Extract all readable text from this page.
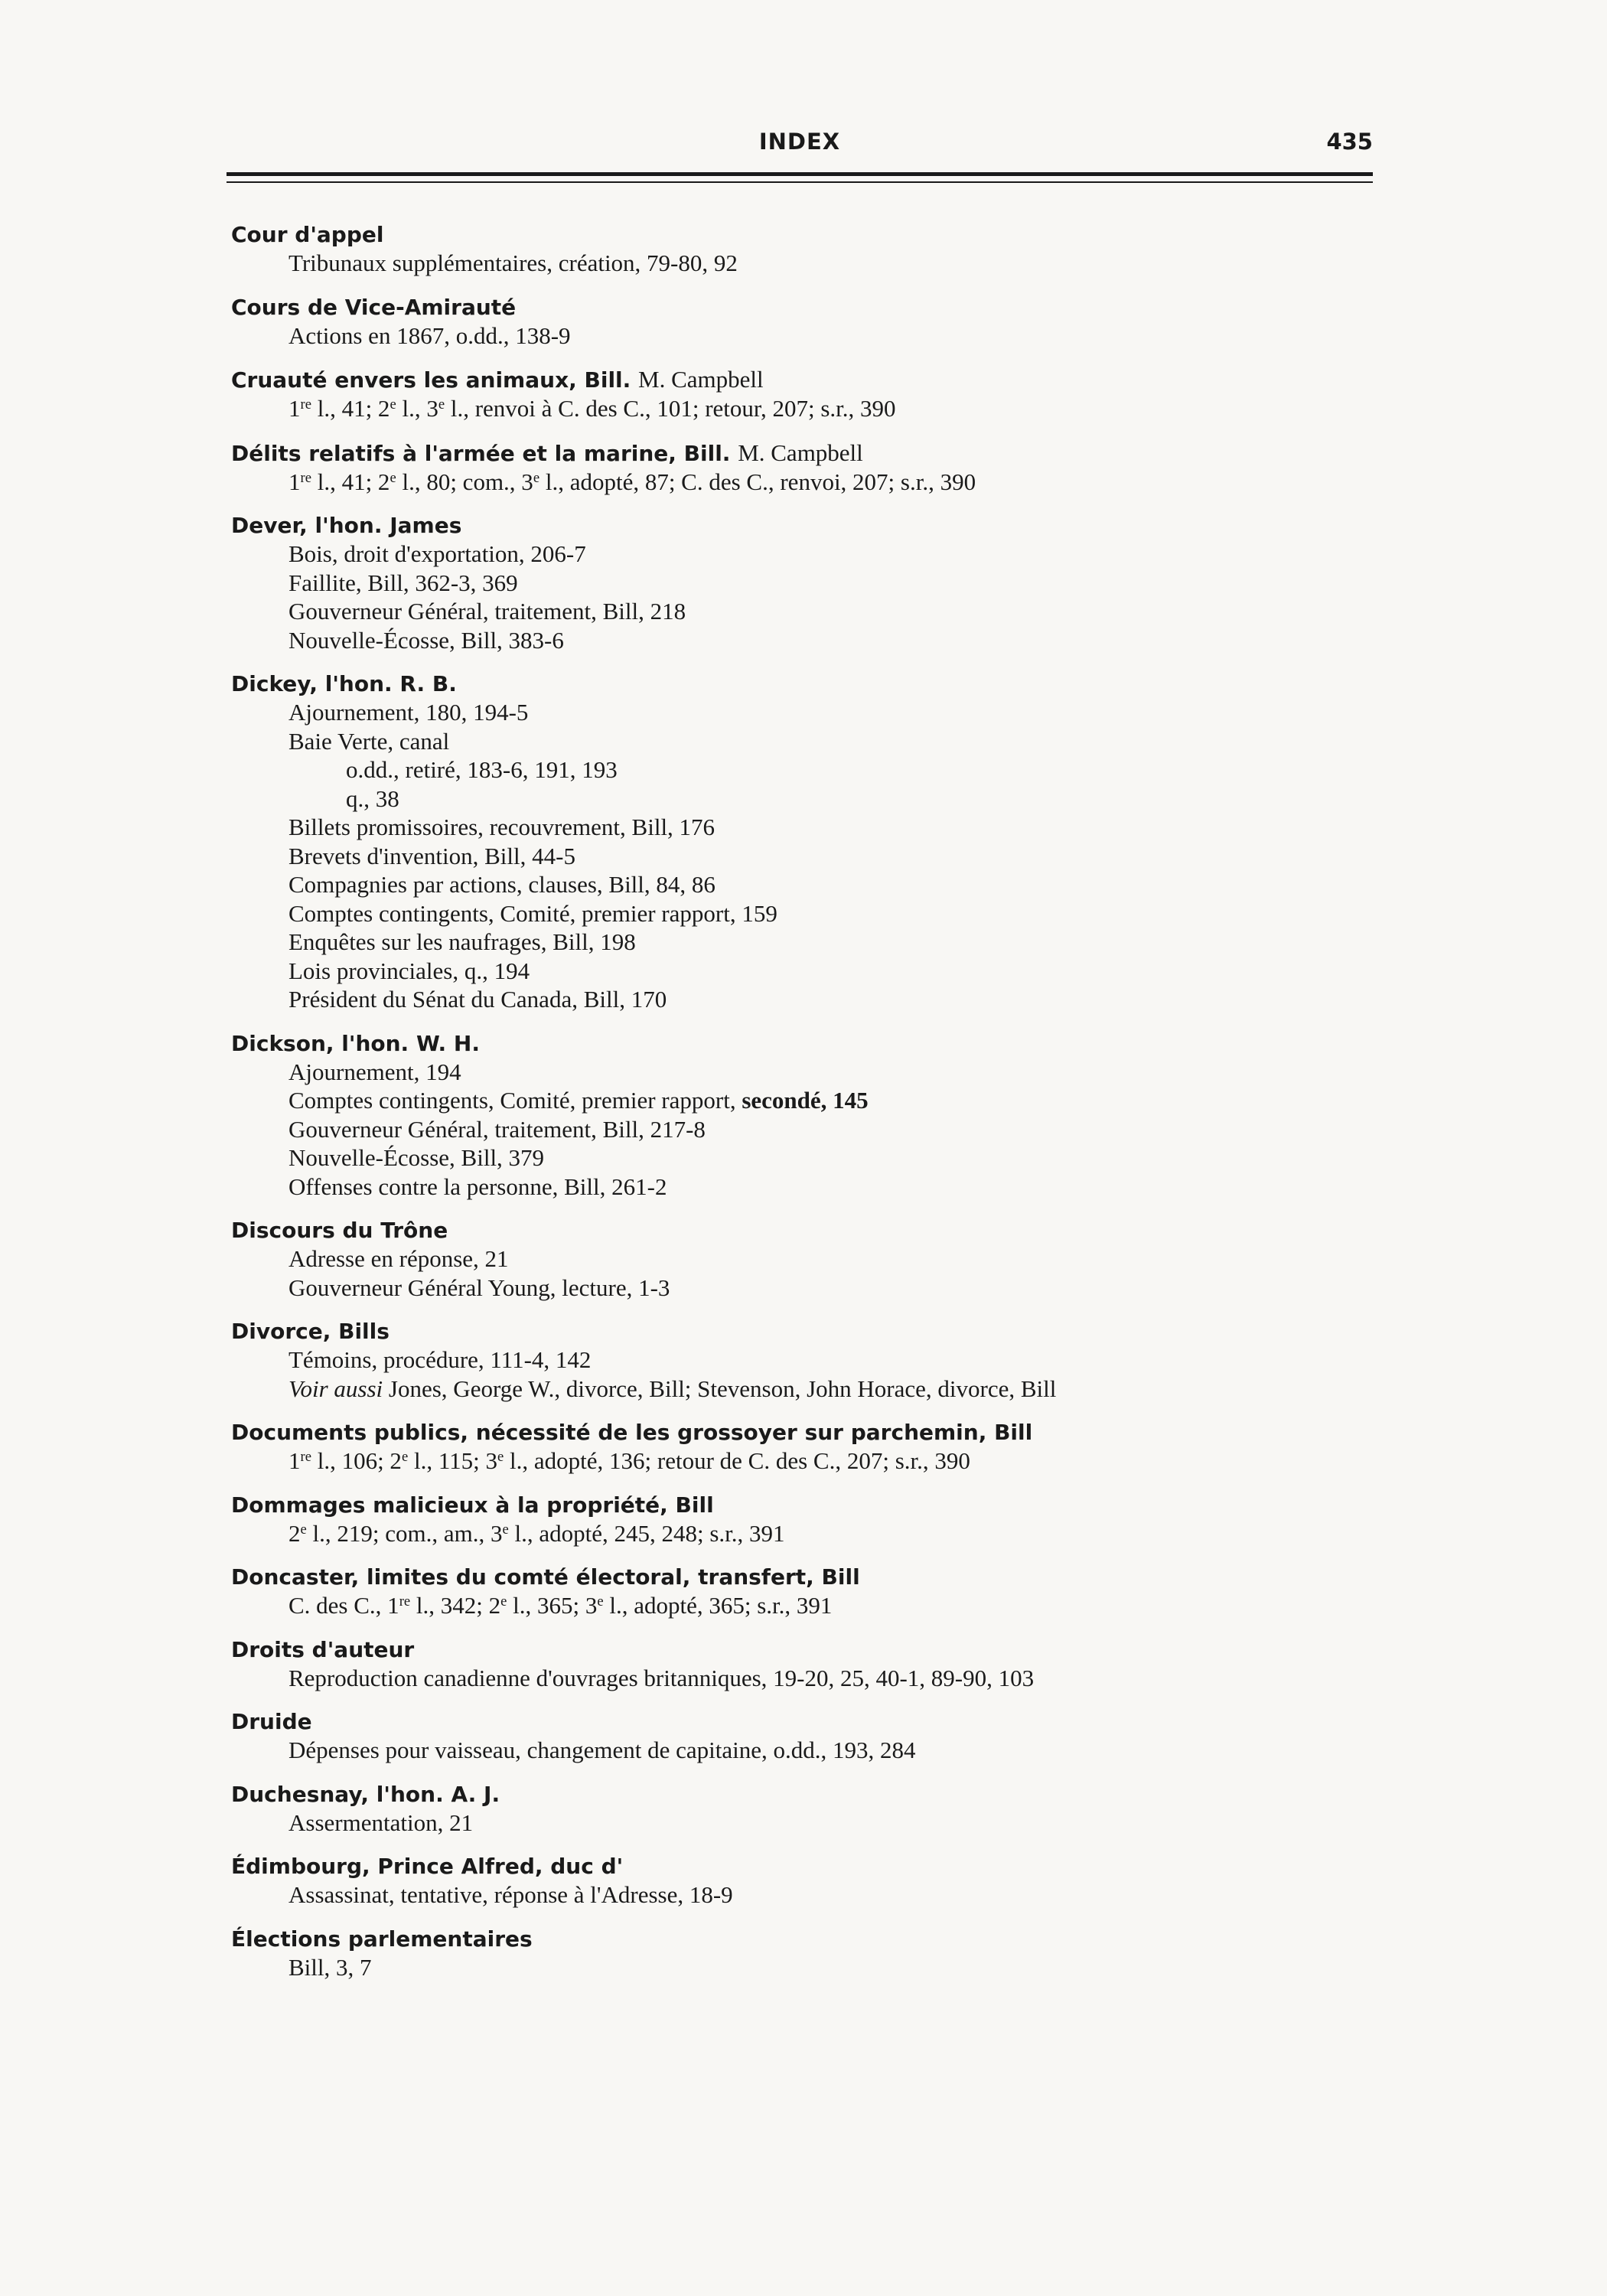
INDEX	435
Cour d'appel
Tribunaux supplémentaires, création, 79-80, 92
Cours de Vice-Amirauté
Actions en 1867, o.dd., 138-9
Cruauté envers les animaux, Bill. M. Campbell
1re l., 41; 2e l., 3e l., renvoi à C. des C., 101; retour, 207; s.r., 390
Délits relatifs à l'armée et la marine, Bill. M. Campbell
1re l., 41; 2e l., 80; com., 3e l., adopté, 87; C. des C., renvoi, 207; s.r., 390
Dever, l'hon. James
Bois, droit d'exportation, 206-7
Faillite, Bill, 362-3, 369
Gouverneur Général, traitement, Bill, 218
Nouvelle-Écosse, Bill, 383-6
Dickey, l'hon. R. B.
Ajournement, 180, 194-5
Baie Verte, canal
o.dd., retiré, 183-6, 191, 193
q., 38
Billets promissoires, recouvrement, Bill, 176
Brevets d'invention, Bill, 44-5
Compagnies par actions, clauses, Bill, 84, 86
Comptes contingents, Comité, premier rapport, 159
Enquêtes sur les naufrages, Bill, 198
Lois provinciales, q., 194
Président du Sénat du Canada, Bill, 170
Dickson, l'hon. W. H.
Ajournement, 194
Comptes contingents, Comité, premier rapport, secondé, 145
Gouverneur Général, traitement, Bill, 217-8
Nouvelle-Écosse, Bill, 379
Offenses contre la personne, Bill, 261-2
Discours du Trône
Adresse en réponse, 21
Gouverneur Général Young, lecture, 1-3
Divorce, Bills
Témoins, procédure, 111-4, 142
Voir aussi Jones, George W., divorce, Bill; Stevenson, John Horace, divorce, Bill
Documents publics, nécessité de les grossoyer sur parchemin, Bill
1re l., 106; 2e l., 115; 3e l., adopté, 136; retour de C. des C., 207; s.r., 390
Dommages malicieux à la propriété, Bill
2e l., 219; com., am., 3e l., adopté, 245, 248; s.r., 391
Doncaster, limites du comté électoral, transfert, Bill
C. des C., 1re l., 342; 2e l., 365; 3e l., adopté, 365; s.r., 391
Droits d'auteur
Reproduction canadienne d'ouvrages britanniques, 19-20, 25, 40-1, 89-90, 103
Druide
Dépenses pour vaisseau, changement de capitaine, o.dd., 193, 284
Duchesnay, l'hon. A. J.
Assermentation, 21
Édimbourg, Prince Alfred, duc d'
Assassinat, tentative, réponse à l'Adresse, 18-9
Élections parlementaires
Bill, 3, 7
